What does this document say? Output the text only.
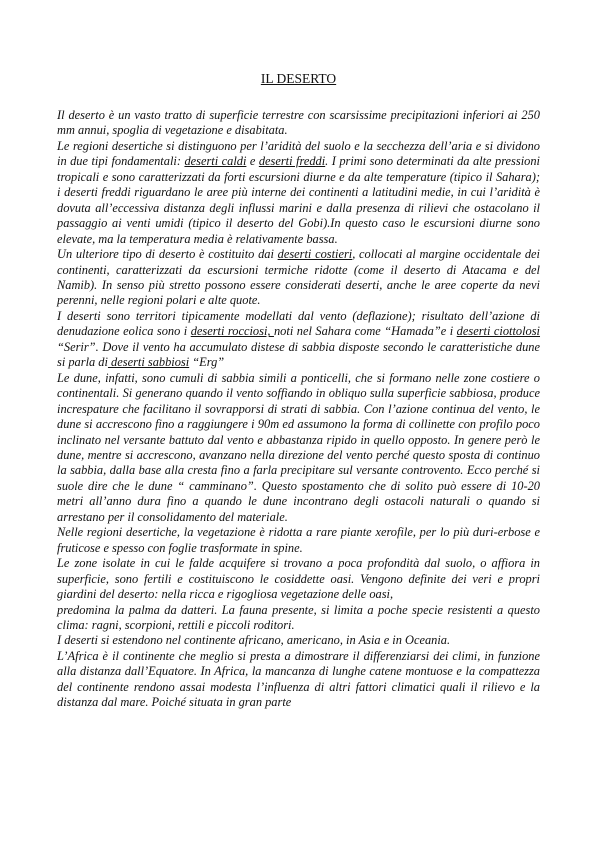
IL DESERTO

Il deserto è un vasto tratto di superficie terrestre con scarsissime precipitazioni inferiori ai 250 mm annui, spoglia di vegetazione e disabitata.

Le regioni desertiche si distinguono per l’aridità del suolo e la secchezza dell’aria e si dividono in due tipi fondamentali: deserti caldi e deserti freddi. I primi sono determinati da alte pressioni tropicali e sono caratterizzati da forti escursioni diurne e da alte temperature (tipico il Sahara); i deserti freddi riguardano le aree più interne dei continenti a latitudini medie, in cui l’aridità è dovuta all’eccessiva distanza degli influssi marini e dalla presenza di rilievi che ostacolano il passaggio ai venti umidi (tipico il deserto del Gobi).In questo caso le escursioni diurne sono elevate, ma la temperatura media è relativamente bassa.

Un ulteriore tipo di deserto è costituito dai deserti costieri, collocati al margine occidentale dei continenti, caratterizzati da escursioni termiche ridotte (come il deserto di Atacama e del Namib). In senso più stretto possono essere considerati deserti, anche le aree coperte da nevi perenni, nelle regioni polari e alte quote.

I deserti sono territori tipicamente modellati dal vento (deflazione); risultato dell’azione di denudazione eolica sono i deserti rocciosi, noti nel Sahara come “Hamada”e i deserti ciottolosi “Serir”. Dove il vento ha accumulato distese di sabbia disposte secondo le caratteristiche dune si parla di deserti sabbiosi “Erg”

Le dune, infatti, sono cumuli di sabbia simili a ponticelli, che si formano nelle zone costiere o continentali. Si generano quando il vento soffiando in obliquo sulla superficie sabbiosa, produce increspature che facilitano il sovrapporsi di strati di sabbia. Con l’azione continua del vento, le dune si accrescono fino a raggiungere i 90m ed assumono la forma di collinette con profilo poco inclinato nel versante battuto dal vento e abbastanza ripido in quello opposto. In genere però le dune, mentre si accrescono, avanzano nella direzione del vento perché questo sposta di continuo la sabbia, dalla base alla cresta fino a farla precipitare sul versante controvento. Ecco perché si suole dire che le dune “ camminano”. Questo spostamento che di solito può essere di 10-20 metri all’anno dura fino a quando le dune incontrano degli ostacoli naturali o quando si arrestano per il consolidamento del materiale.

Nelle regioni desertiche, la vegetazione è ridotta a rare piante xerofile, per lo più duri-erbose e fruticose e spesso con foglie trasformate in spine.

Le zone isolate in cui le falde acquifere si trovano a poca profondità dal suolo, o affiora in superficie, sono fertili e costituiscono le cosiddette oasi. Vengono definite dei veri e propri giardini del deserto: nella ricca e rigogliosa vegetazione delle oasi,

predomina la palma da datteri. La fauna presente, si limita a poche specie resistenti a questo clima: ragni, scorpioni, rettili e piccoli roditori.

I deserti si estendono nel continente africano, americano, in Asia e in Oceania.

L’Africa è il continente che meglio si presta a dimostrare il differenziarsi dei climi, in funzione alla distanza dall’Equatore. In Africa, la mancanza di lunghe catene montuose e la compattezza del continente rendono assai modesta l’influenza di altri fattori climatici quali il rilievo e la distanza dal mare. Poiché situata in gran parte
